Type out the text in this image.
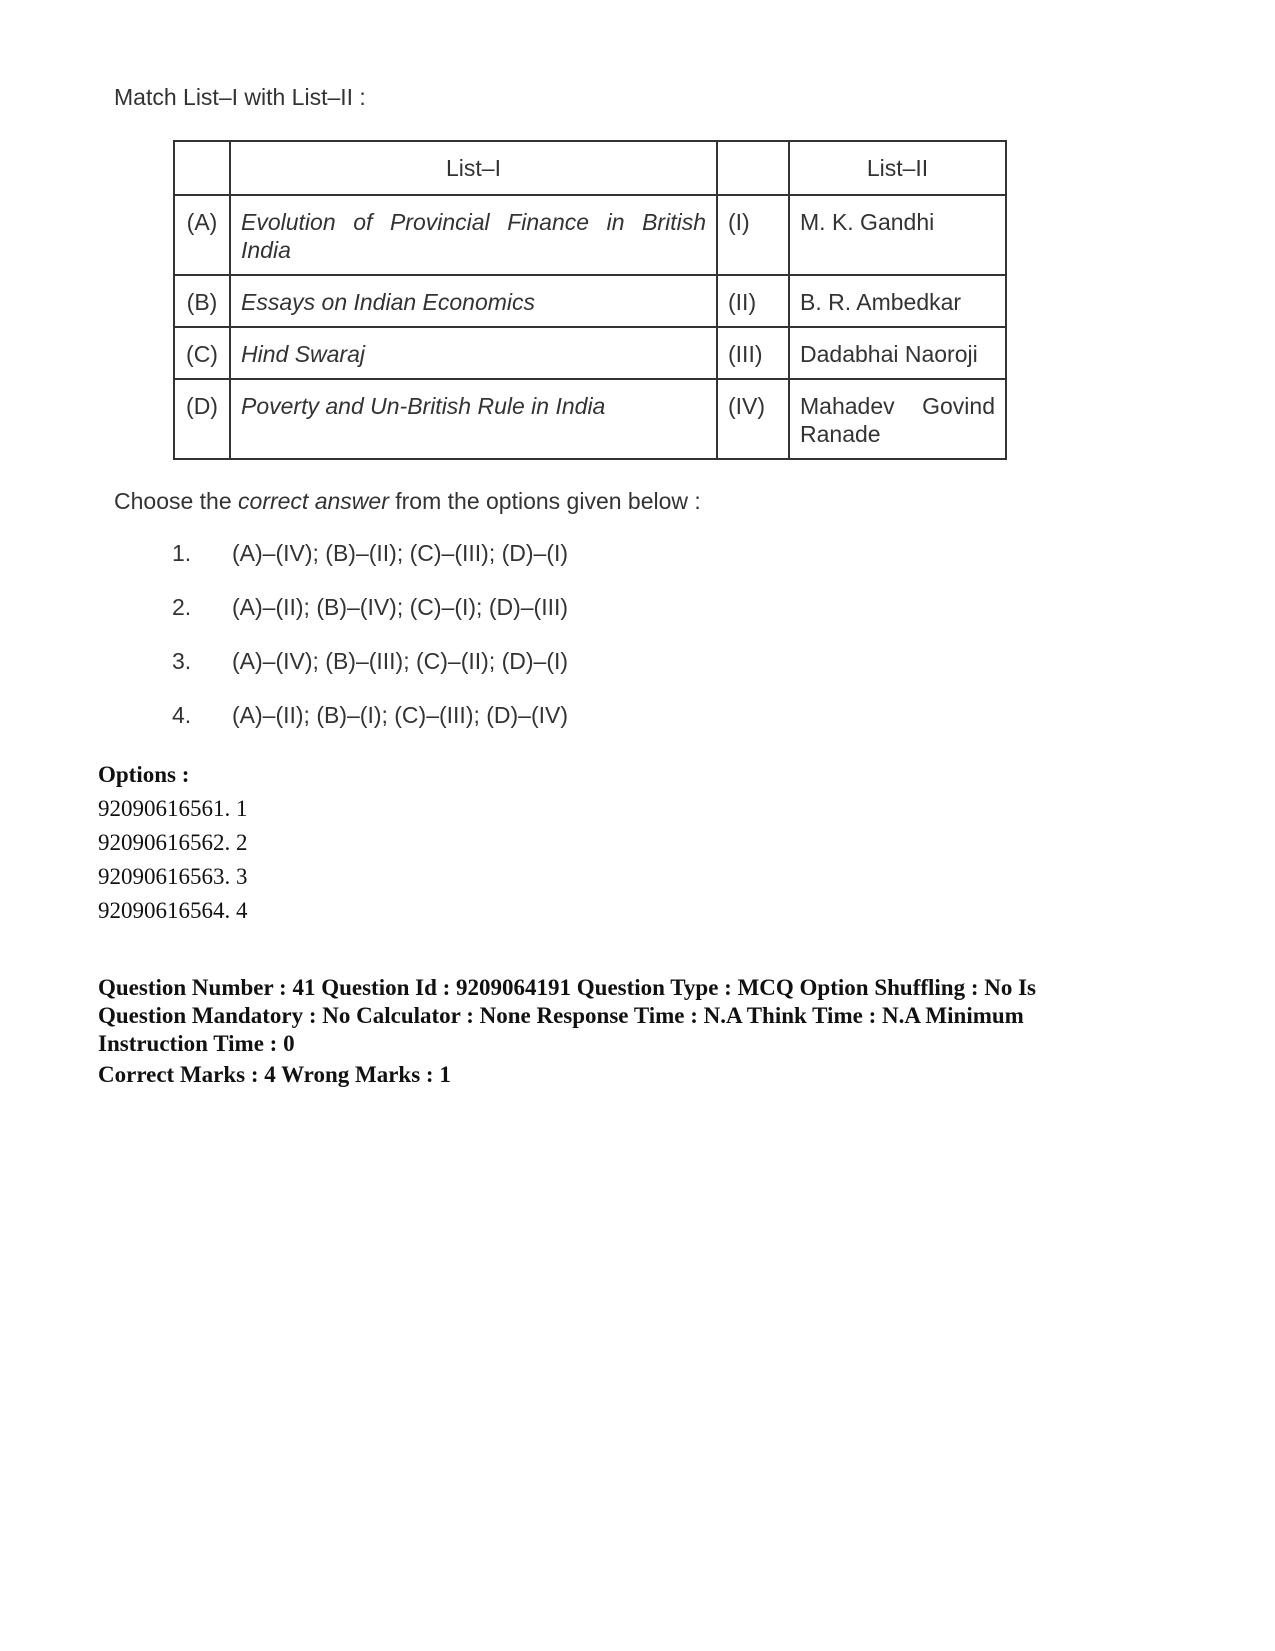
Match List–I with List–II :
	List–I		List–II
(A)	Evolution of Provincial Finance in British India	(I)	M. K. Gandhi
(B)	Essays on Indian Economics	(II)	B. R. Ambedkar
(C)	Hind Swaraj	(III)	Dadabhai Naoroji
(D)	Poverty and Un-British Rule in India	(IV)	Mahadev Govind Ranade
Choose the correct answer from the options given below :
1.	(A)–(IV); (B)–(II); (C)–(III); (D)–(I)
2.	(A)–(II); (B)–(IV); (C)–(I); (D)–(III)
3.	(A)–(IV); (B)–(III); (C)–(II); (D)–(I)
4.	(A)–(II); (B)–(I); (C)–(III); (D)–(IV)
Options :
92090616561. 1
92090616562. 2
92090616563. 3
92090616564. 4
Question Number : 41 Question Id : 9209064191 Question Type : MCQ Option Shuffling : No Is Question Mandatory : No Calculator : None Response Time : N.A Think Time : N.A Minimum Instruction Time : 0
Correct Marks : 4 Wrong Marks : 1
